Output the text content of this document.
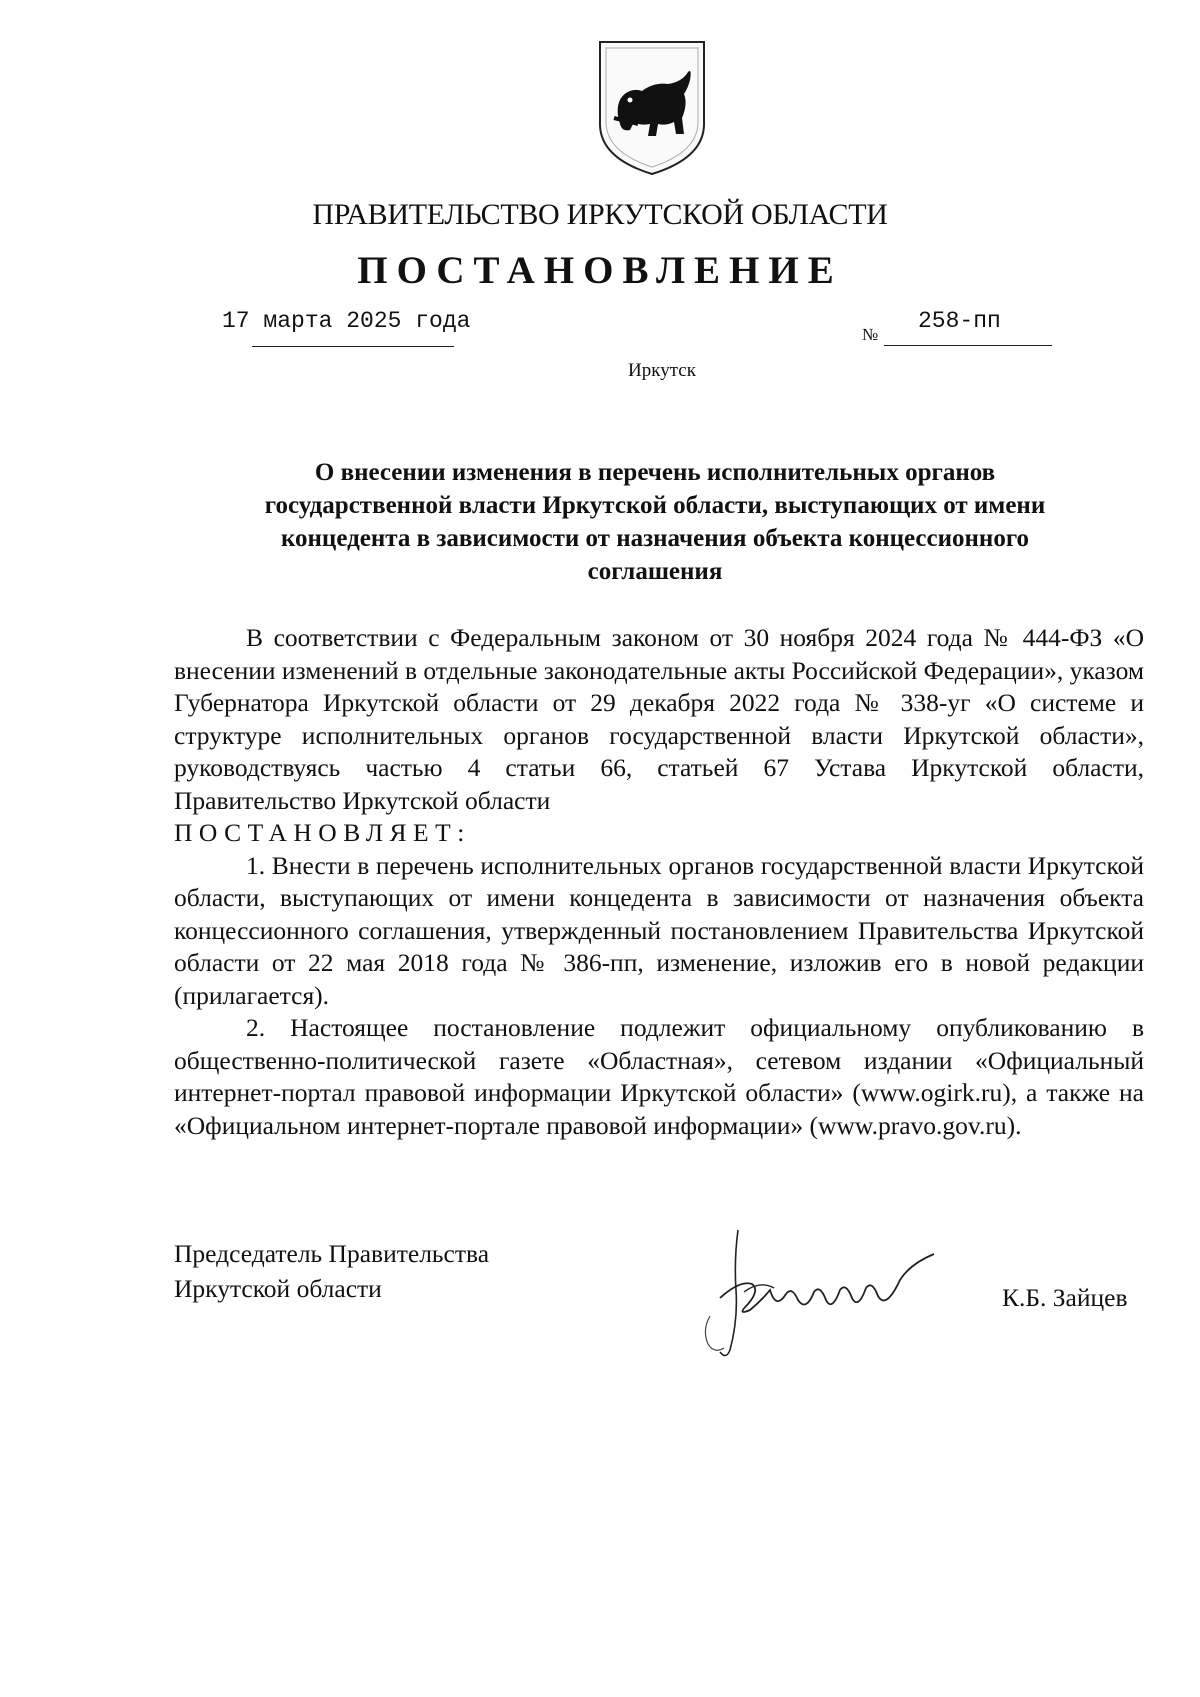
ПРАВИТЕЛЬСТВО ИРКУТСКОЙ ОБЛАСТИ
ПОСТАНОВЛЕНИЕ
17 марта 2025 года
№
258-пп
Иркутск
О внесении изменения в перечень исполнительных органов
государственной власти Иркутской области, выступающих от имени
концедента в зависимости от назначения объекта концессионного
соглашения

В соответствии с Федеральным законом от 30 ноября 2024 года № 444-ФЗ «О внесении изменений в отдельные законодательные акты Российской Федерации», указом Губернатора Иркутской области от 29 декабря 2022 года № 338-уг «О системе и структуре исполнительных органов государственной власти Иркутской области», руководствуясь частью 4 статьи 66, статьей 67 Устава Иркутской области, Правительство Иркутской области

ПОСТАНОВЛЯЕТ:

1. Внести в перечень исполнительных органов государственной власти Иркутской области, выступающих от имени концедента в зависимости от назначения объекта концессионного соглашения, утвержденный постановлением Правительства Иркутской области от 22 мая 2018 года № 386-пп, изменение, изложив его в новой редакции (прилагается).

2. Настоящее постановление подлежит официальному опубликованию в общественно-политической газете «Областная», сетевом издании «Официальный интернет-портал правовой информации Иркутской области» (www.ogirk.ru), а также на «Официальном интернет-портале правовой информации» (www.pravo.gov.ru).

Председатель Правительства
Иркутской области	К.Б. Зайцев
